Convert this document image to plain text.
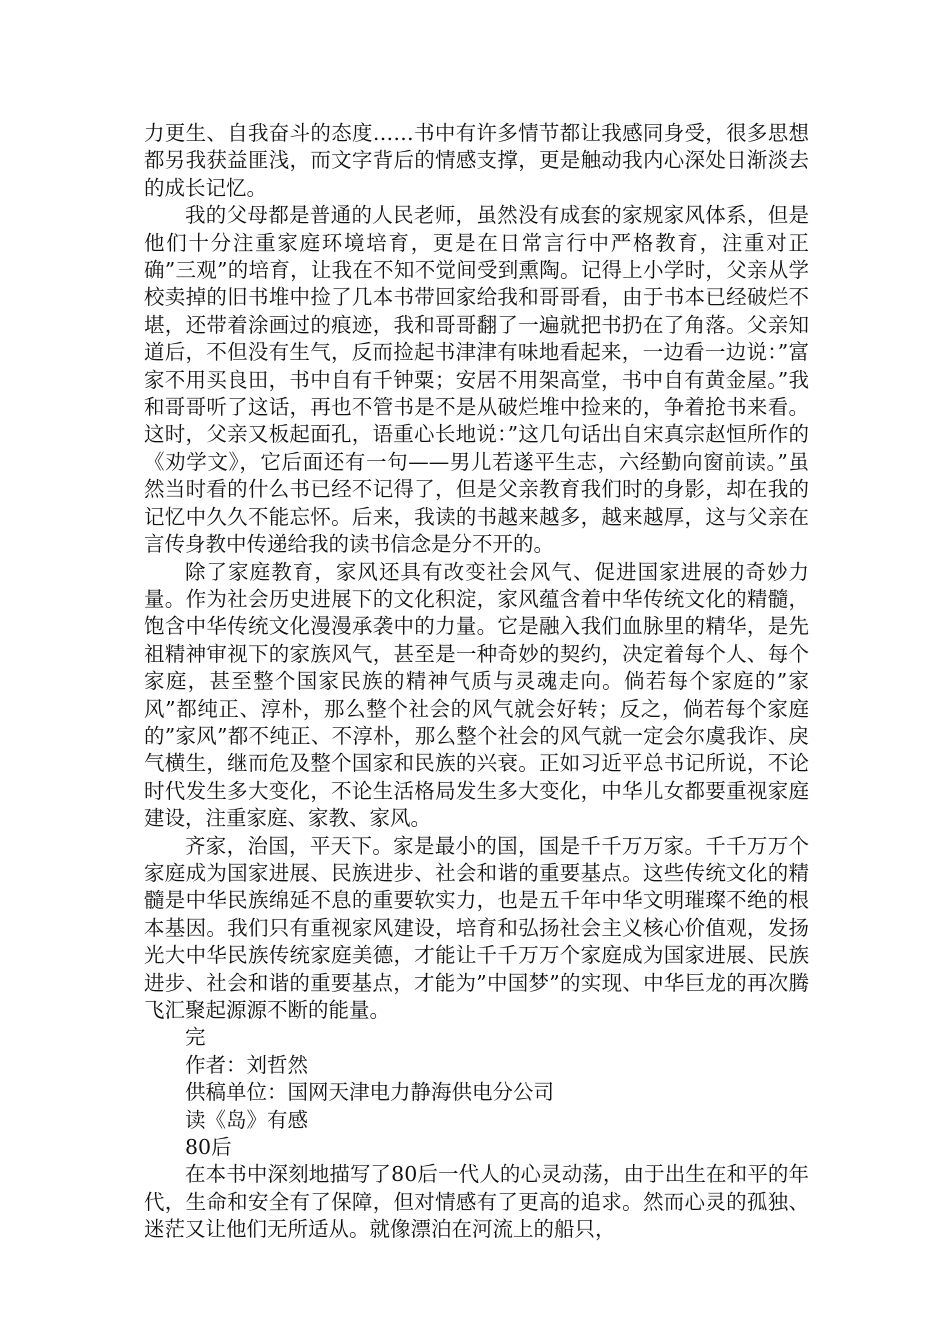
力更生、自我奋斗的态度……书中有许多情节都让我感同身受，很多思想都另我获益匪浅，而文字背后的情感支撑，更是触动我内心深处日渐淡去的成长记忆。

我的父母都是普通的人民老师，虽然没有成套的家规家风体系，但是他们十分注重家庭环境培育，更是在日常言行中严格教育，注重对正确”三观”的培育，让我在不知不觉间受到熏陶。记得上小学时，父亲从学校卖掉的旧书堆中捡了几本书带回家给我和哥哥看，由于书本已经破烂不堪，还带着涂画过的痕迹，我和哥哥翻了一遍就把书扔在了角落。父亲知道后，不但没有生气，反而捡起书津津有味地看起来，一边看一边说：”富家不用买良田，书中自有千钟粟；安居不用架高堂，书中自有黄金屋。”我和哥哥听了这话，再也不管书是不是从破烂堆中捡来的，争着抢书来看。这时，父亲又板起面孔，语重心长地说：”这几句话出自宋真宗赵恒所作的《劝学文》，它后面还有一句——男儿若遂平生志，六经勤向窗前读。”虽然当时看的什么书已经不记得了，但是父亲教育我们时的身影，却在我的记忆中久久不能忘怀。后来，我读的书越来越多，越来越厚，这与父亲在言传身教中传递给我的读书信念是分不开的。

除了家庭教育，家风还具有改变社会风气、促进国家进展的奇妙力量。作为社会历史进展下的文化积淀，家风蕴含着中华传统文化的精髓，饱含中华传统文化漫漫承袭中的力量。它是融入我们血脉里的精华，是先祖精神审视下的家族风气，甚至是一种奇妙的契约，决定着每个人、每个家庭，甚至整个国家民族的精神气质与灵魂走向。倘若每个家庭的”家风”都纯正、淳朴，那么整个社会的风气就会好转；反之，倘若每个家庭的”家风”都不纯正、不淳朴，那么整个社会的风气就一定会尔虞我诈、戾气横生，继而危及整个国家和民族的兴衰。正如习近平总书记所说，不论时代发生多大变化，不论生活格局发生多大变化，中华儿女都要重视家庭建设，注重家庭、家教、家风。

齐家，治国，平天下。家是最小的国，国是千千万万家。千千万万个家庭成为国家进展、民族进步、社会和谐的重要基点。这些传统文化的精髓是中华民族绵延不息的重要软实力，也是五千年中华文明璀璨不绝的根本基因。我们只有重视家风建设，培育和弘扬社会主义核心价值观，发扬光大中华民族传统家庭美德，才能让千千万万个家庭成为国家进展、民族进步、社会和谐的重要基点，才能为”中国梦”的实现、中华巨龙的再次腾飞汇聚起源源不断的能量。

完

作者：刘哲然

供稿单位：国网天津电力静海供电分公司

读《岛》有感

80后

在本书中深刻地描写了80后一代人的心灵动荡，由于出生在和平的年代，生命和安全有了保障，但对情感有了更高的追求。然而心灵的孤独、迷茫又让他们无所适从。就像漂泊在河流上的船只，
